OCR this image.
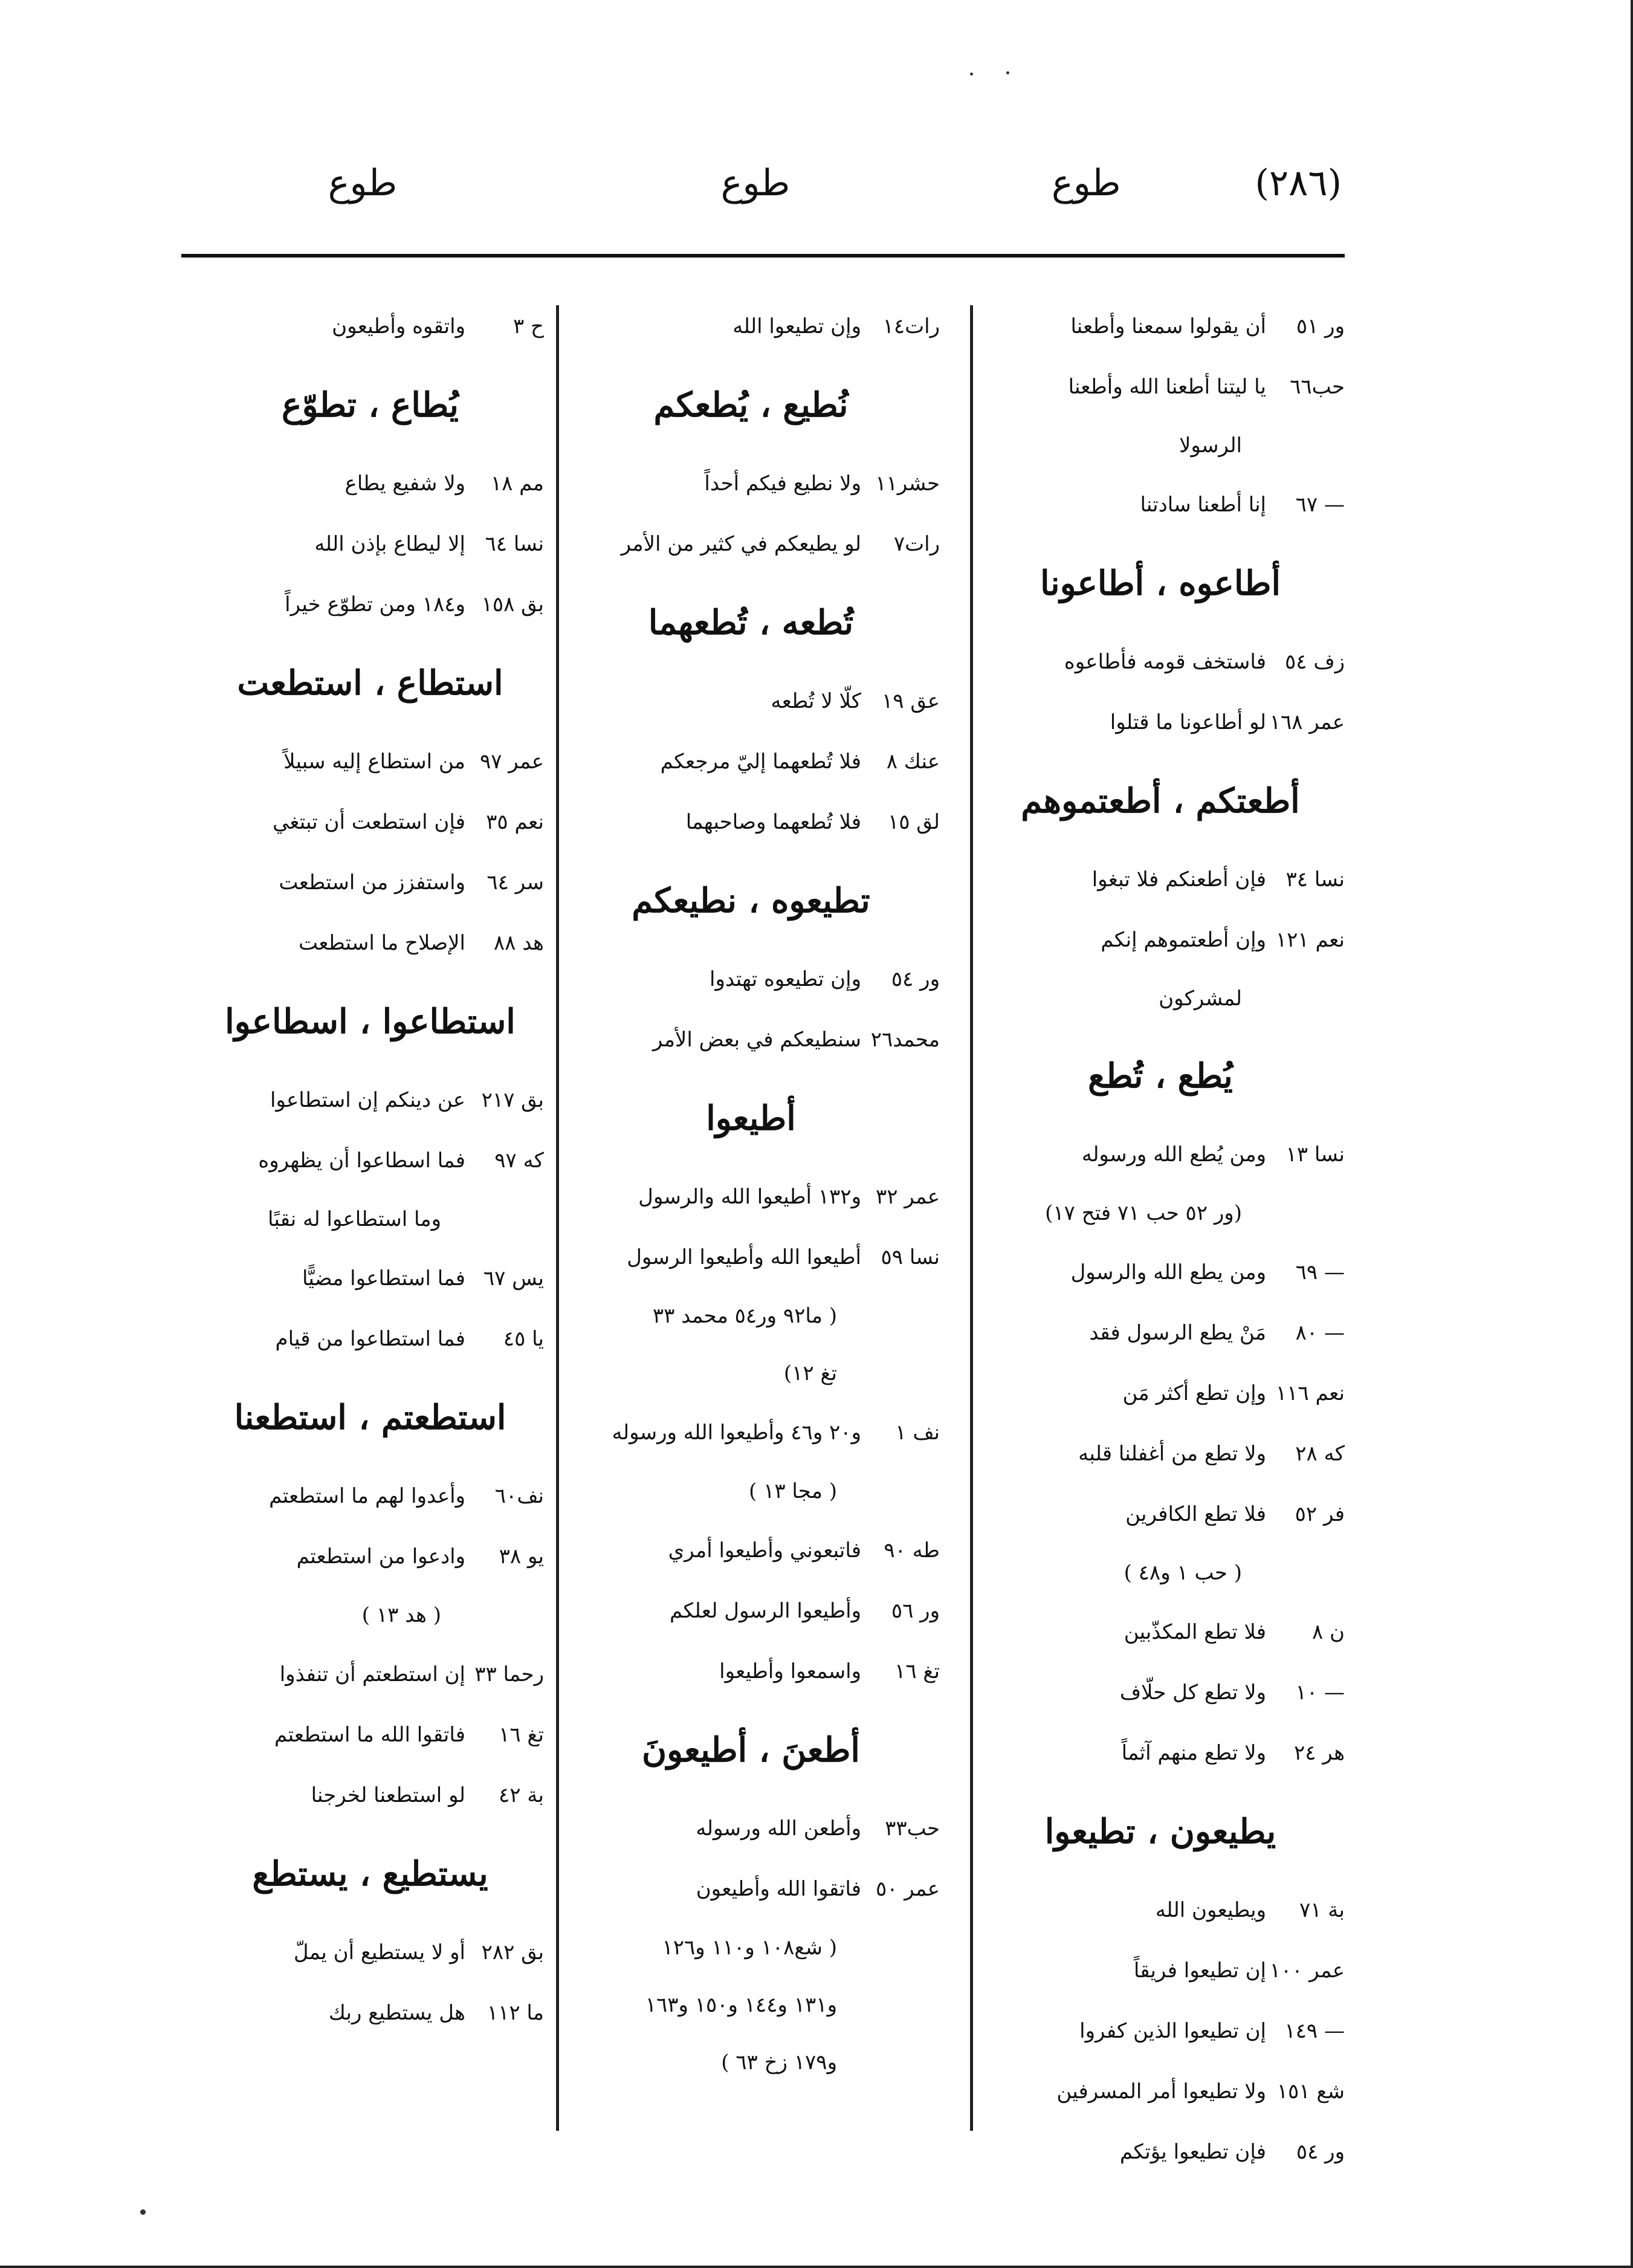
(٢٨٦)
طوع
طوع
طوع
ور ٥١
أن يقولوا سمعنا وأطعنا
حب٦٦
يا ليتنا أطعنا الله وأطعنا
الرسولا
— ٦٧
إنا أطعنا سادتنا
أطاعوه ، أطاعونا
زف ٥٤
فاستخف قومه فأطاعوه
عمر ١٦٨
لو أطاعونا ما قتلوا
أطعتكم ، أطعتموهم
نسا ٣٤
فإن أطعنكم فلا تبغوا
نعم ١٢١
وإن أطعتموهم إنكم
لمشركون
يُطع ، تُطع
نسا ١٣
ومن يُطع الله ورسوله
(ور ٥٢ حب ٧١ فتح ١٧)
— ٦٩
ومن يطع الله والرسول
— ٨٠
مَنْ يطع الرسول فقد
نعم ١١٦
وإن تطع أكثر مَن
كه ٢٨
ولا تطع من أغفلنا قلبه
فر ٥٢
فلا تطع الكافرين
( حب ١ و٤٨ )
ن ٨
فلا تطع المكذّبين
— ١٠
ولا تطع كل حلّاف
هر ٢٤
ولا تطع منهم آثماً
يطيعون ، تطيعوا
بة ٧١
ويطيعون الله
عمر ١٠٠
إن تطيعوا فريقاً
— ١٤٩
إن تطيعوا الذين كفروا
شع ١٥١
ولا تطيعوا أمر المسرفين
ور ٥٤
فإن تطيعوا يؤتكم
رات١٤
وإن تطيعوا الله
نُطيع ، يُطعكم
حشر١١
ولا نطيع فيكم أحداً
رات٧
لو يطيعكم في كثير من الأمر
تُطعه ، تُطعهما
عق ١٩
كلّا لا تُطعه
عنك ٨
فلا تُطعهما إليّ مرجعكم
لق ١٥
فلا تُطعهما وصاحبهما
تطيعوه ، نطيعكم
ور ٥٤
وإن تطيعوه تهتدوا
محمد٢٦
سنطيعكم في بعض الأمر
أطيعوا
عمر ٣٢
و١٣٢ أطيعوا الله والرسول
نسا ٥٩
أطيعوا الله وأطيعوا الرسول
( ما٩٢ ور٥٤ محمد ٣٣
تغ ١٢)
نف ١
و٢٠ و٤٦ وأطيعوا الله ورسوله
( مجا ١٣ )
طه ٩٠
فاتبعوني وأطيعوا أمري
ور ٥٦
وأطيعوا الرسول لعلكم
تغ ١٦
واسمعوا وأطيعوا
أطعنَ ، أطيعونَ
حب٣٣
وأطعن الله ورسوله
عمر ٥٠
فاتقوا الله وأطيعون
( شع١٠٨ و١١٠ و١٢٦
و١٣١ و١٤٤ و١٥٠ و١٦٣
و١٧٩ زخ ٦٣ )
ح ٣
واتقوه وأطيعون
يُطاع ، تطوّع
مم ١٨
ولا شفيع يطاع
نسا ٦٤
إلا ليطاع بإذن الله
بق ١٥٨
و١٨٤ ومن تطوّع خيراً
استطاع ، استطعت
عمر ٩٧
من استطاع إليه سبيلاً
نعم ٣٥
فإن استطعت أن تبتغي
سر ٦٤
واستفزز من استطعت
هد ٨٨
الإصلاح ما استطعت
استطاعوا ، اسطاعوا
بق ٢١٧
عن دينكم إن استطاعوا
كه ٩٧
فما اسطاعوا أن يظهروه
وما استطاعوا له نقبًا
يس ٦٧
فما استطاعوا مضيًّا
يا ٤٥
فما استطاعوا من قيام
استطعتم ، استطعنا
نف٦٠
وأعدوا لهم ما استطعتم
يو ٣٨
وادعوا من استطعتم
( هد ١٣ )
رحما ٣٣
إن استطعتم أن تنفذوا
تغ ١٦
فاتقوا الله ما استطعتم
بة ٤٢
لو استطعنا لخرجنا
يستطيع ، يستطع
بق ٢٨٢
أو لا يستطيع أن يملّ
ما ١١٢
هل يستطيع ربك
